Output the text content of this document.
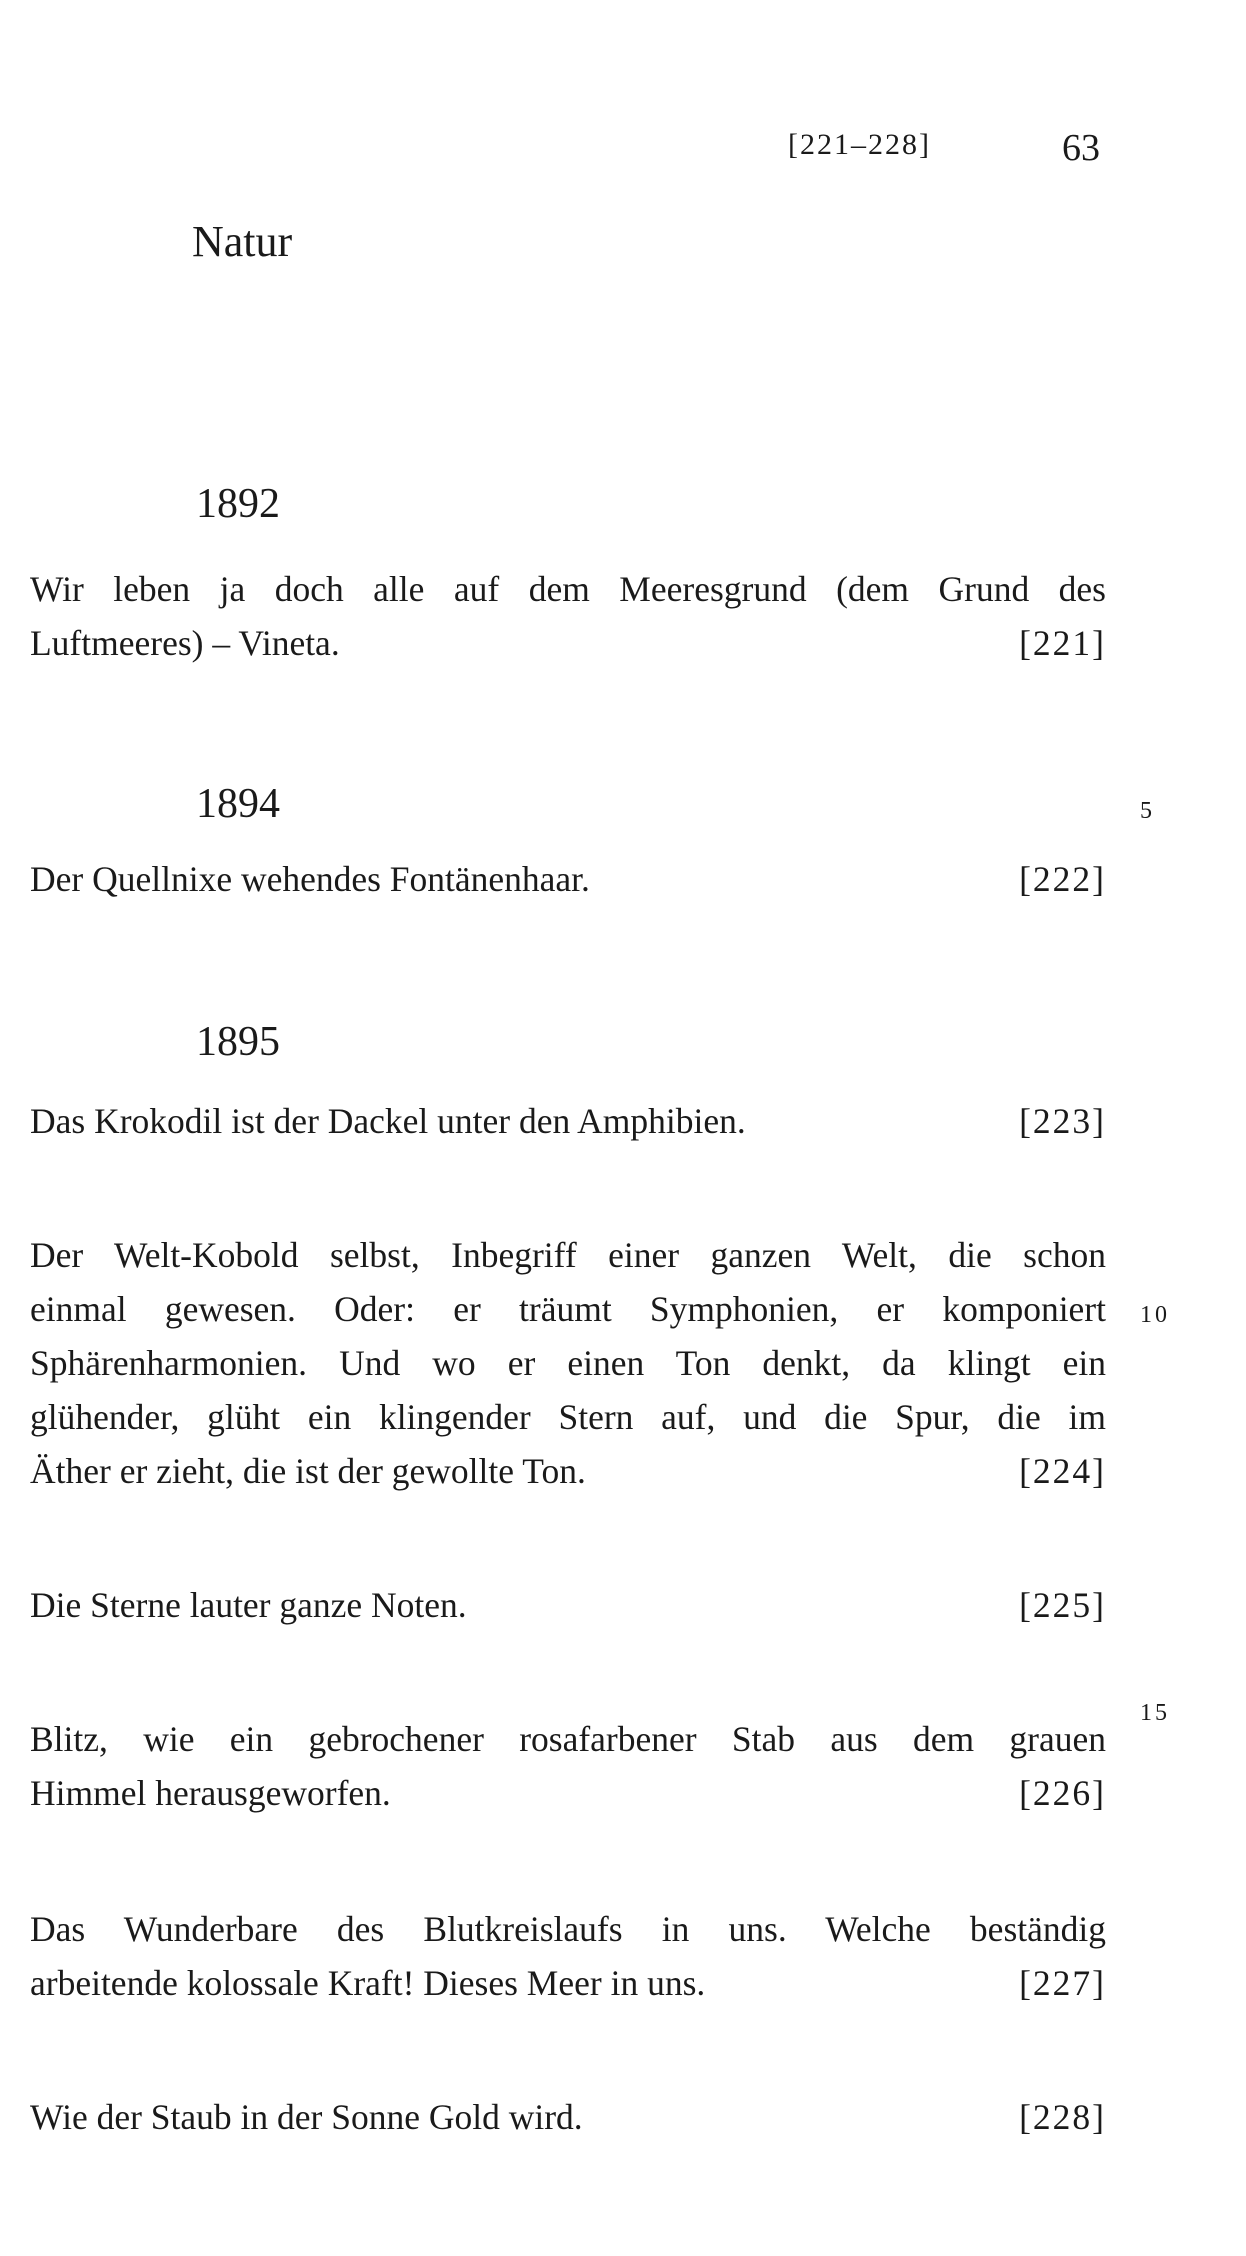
[221–228]	63
Natur
1892
Wir leben ja doch alle auf dem Meeresgrund (dem Grund des
Luftmeeres) – Vineta.	[221]
1894	5
Der Quellnixe wehendes Fontänenhaar.	[222]
1895
Das Krokodil ist der Dackel unter den Amphibien.	[223]
Der Welt-Kobold selbst, Inbegriff einer ganzen Welt, die schon
einmal gewesen. Oder: er träumt Symphonien, er komponiert
Sphärenharmonien. Und wo er einen Ton denkt, da klingt ein
glühender, glüht ein klingender Stern auf, und die Spur, die im
Äther er zieht, die ist der gewollte Ton.	[224]
10
Die Sterne lauter ganze Noten.	[225]
15
Blitz, wie ein gebrochener rosafarbener Stab aus dem grauen
Himmel herausgeworfen.	[226]
Das Wunderbare des Blutkreislaufs in uns. Welche beständig
arbeitende kolossale Kraft! Dieses Meer in uns.	[227]
Wie der Staub in der Sonne Gold wird.	[228]
